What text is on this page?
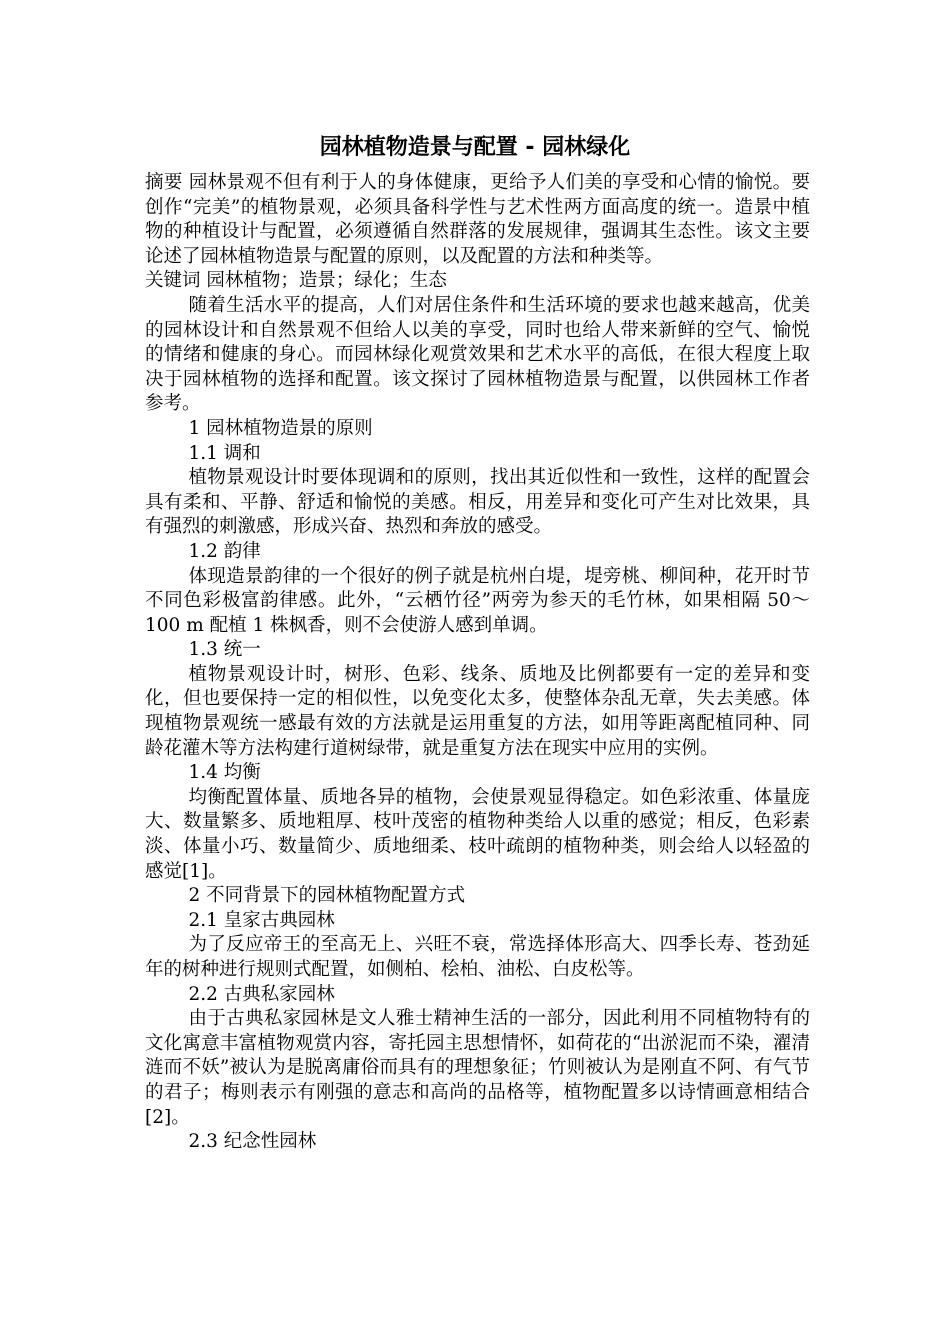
园林植物造景与配置 - 园林绿化

摘要 园林景观不但有利于人的身体健康，更给予人们美的享受和心情的愉悦。要创作“完美”的植物景观，必须具备科学性与艺术性两方面高度的统一。造景中植物的种植设计与配置，必须遵循自然群落的发展规律，强调其生态性。该文主要论述了园林植物造景与配置的原则，以及配置的方法和种类等。

关键词 园林植物；造景；绿化；生态

随着生活水平的提高，人们对居住条件和生活环境的要求也越来越高，优美的园林设计和自然景观不但给人以美的享受，同时也给人带来新鲜的空气、愉悦的情绪和健康的身心。而园林绿化观赏效果和艺术水平的高低，在很大程度上取决于园林植物的选择和配置。该文探讨了园林植物造景与配置，以供园林工作者参考。

1 园林植物造景的原则

1.1 调和

植物景观设计时要体现调和的原则，找出其近似性和一致性，这样的配置会具有柔和、平静、舒适和愉悦的美感。相反，用差异和变化可产生对比效果，具有强烈的刺激感，形成兴奋、热烈和奔放的感受。

1.2 韵律

体现造景韵律的一个很好的例子就是杭州白堤，堤旁桃、柳间种，花开时节不同色彩极富韵律感。此外，“云栖竹径”两旁为参天的毛竹林，如果相隔 50～100 m 配植 1 株枫香，则不会使游人感到单调。

1.3 统一

植物景观设计时，树形、色彩、线条、质地及比例都要有一定的差异和变化，但也要保持一定的相似性，以免变化太多，使整体杂乱无章，失去美感。体现植物景观统一感最有效的方法就是运用重复的方法，如用等距离配植同种、同龄花灌木等方法构建行道树绿带，就是重复方法在现实中应用的实例。

1.4 均衡

均衡配置体量、质地各异的植物，会使景观显得稳定。如色彩浓重、体量庞大、数量繁多、质地粗厚、枝叶茂密的植物种类给人以重的感觉；相反，色彩素淡、体量小巧、数量简少、质地细柔、枝叶疏朗的植物种类，则会给人以轻盈的感觉[1]。

2 不同背景下的园林植物配置方式

2.1 皇家古典园林

为了反应帝王的至高无上、兴旺不衰，常选择体形高大、四季长寿、苍劲延年的树种进行规则式配置，如侧柏、桧柏、油松、白皮松等。

2.2 古典私家园林

由于古典私家园林是文人雅士精神生活的一部分，因此利用不同植物特有的文化寓意丰富植物观赏内容，寄托园主思想情怀，如荷花的“出淤泥而不染，濯清涟而不妖”被认为是脱离庸俗而具有的理想象征；竹则被认为是刚直不阿、有气节的君子；梅则表示有刚强的意志和高尚的品格等，植物配置多以诗情画意相结合[2]。

2.3 纪念性园林
